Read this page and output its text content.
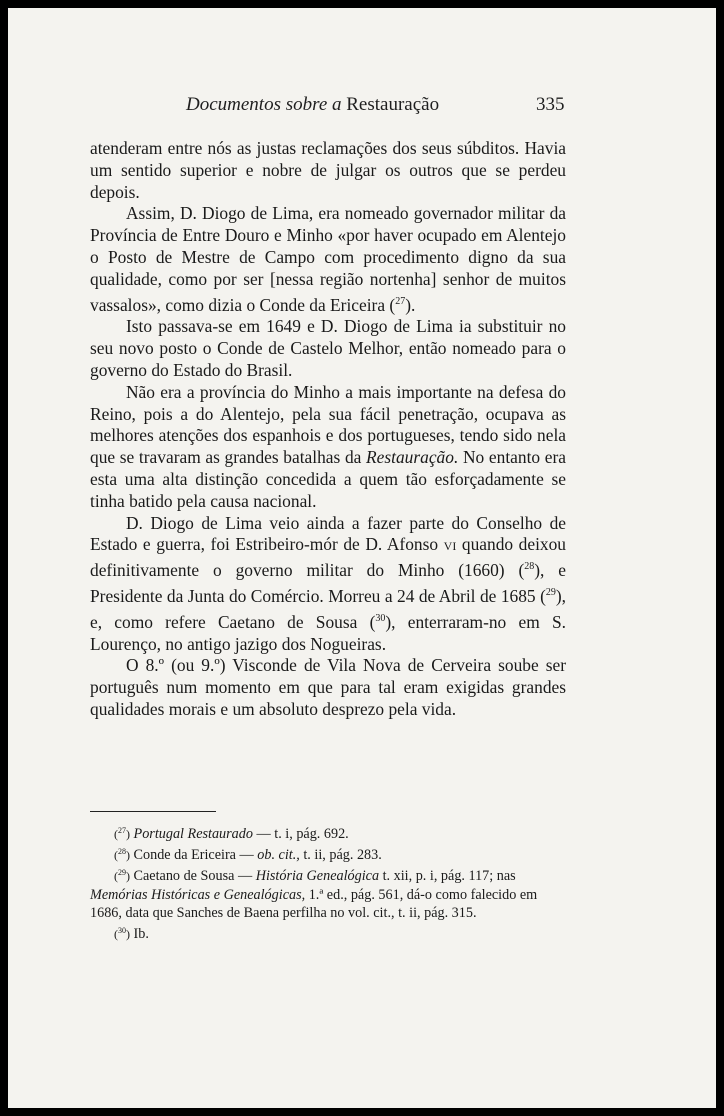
Documentos sobre a Restauração	335

atenderam entre nós as justas reclamações dos seus súbditos. Havia um sentido superior e nobre de julgar os outros que se perdeu depois.

Assim, D. Diogo de Lima, era nomeado governador militar da Província de Entre Douro e Minho «por haver ocupado em Alentejo o Posto de Mestre de Campo com procedimento digno da sua qualidade, como por ser [nessa região nortenha] senhor de muitos vassalos», como dizia o Conde da Ericeira ($^{27}$).

Isto passava-se em 1649 e D. Diogo de Lima ia substituir no seu novo posto o Conde de Castelo Melhor, então nomeado para o governo do Estado do Brasil.

Não era a província do Minho a mais importante na defesa do Reino, pois a do Alentejo, pela sua fácil penetração, ocupava as melhores atenções dos espanhois e dos portugueses, tendo sido nela que se travaram as grandes batalhas da Restauração. No entanto era esta uma alta distinção concedida a quem tão esforçadamente se tinha batido pela causa nacional.

D. Diogo de Lima veio ainda a fazer parte do Conselho de Estado e guerra, foi Estribeiro-mór de D. Afonso vi quando deixou definitivamente o governo militar do Minho (1660) ($^{28}$), e Presidente da Junta do Comércio. Morreu a 24 de Abril de 1685 ($^{29}$), e, como refere Caetano de Sousa ($^{30}$), enterraram-no em S. Lourenço, no antigo jazigo dos Nogueiras.

O 8.º (ou 9.º) Visconde de Vila Nova de Cerveira soube ser português num momento em que para tal eram exigidas grandes qualidades morais e um absoluto desprezo pela vida.

($^{27}$) Portugal Restaurado — t. i, pág. 692.

($^{28}$) Conde da Ericeira — ob. cit., t. ii, pág. 283.

($^{29}$) Caetano de Sousa — História Genealógica t. xii, p. i, pág. 117; nas Memórias Históricas e Genealógicas, 1.ª ed., pág. 561, dá-o como falecido em 1686, data que Sanches de Baena perfilha no vol. cit., t. ii, pág. 315.

($^{30}$) Ib.
